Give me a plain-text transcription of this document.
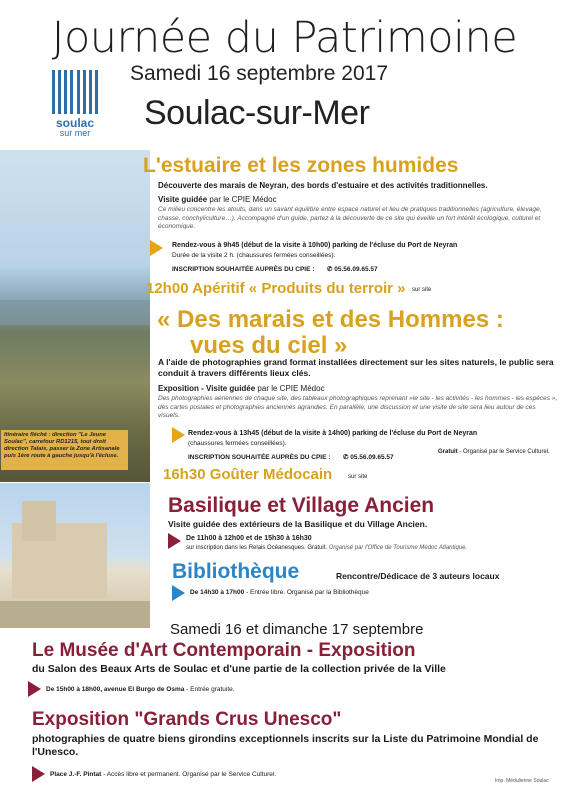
Journée du Patrimoine
Samedi 16 septembre 2017
Soulac-sur-Mer
soulac
sur mer
Itinéraire fléché : direction "Le Jeune Soulac", carrefour RD1215, tout droit direction Talais, passer la Zone Artisanale puis 1ère route à gauche jusqu'à l'écluse.
L'estuaire et les zones humides
Découverte des marais de Neyran, des bords d'estuaire et des activités traditionnelles.
Visite guidée par le CPIE Médoc
Ce milieu concentre les atouts, dans un savant équilibre entre espace naturel et lieu de pratiques traditionnelles (agriculture, élevage, chasse, conchyliculture…). Accompagné d'un guide, partez à la découverte de ce site qui éveille un fort intérêt écologique, culturel et économique.
Rendez-vous à 9h45 (début de la visite à 10h00) parking de l'écluse du Port de Neyran
Durée de la visite 2 h. (chaussures fermées conseillées).
INSCRIPTION SOUHAITÉE AUPRÈS DU CPIE : ✆ 05.56.09.65.57
12h00 Apéritif « Produits du terroir » sur site
« Des marais et des Hommes :
vues du ciel »
A l'aide de photographies grand format installées directement sur les sites naturels, le public sera conduit à travers différents lieux clés.
Exposition - Visite guidée par le CPIE Médoc
Des photographies aériennes de chaque site, des tableaux photographiques reprenant »le site - les activités - les hommes - les espèces », des cartes postales et photographies anciennes agrandies. En parallèle, une discussion et une visite de site sera lieu autour de ces visuels.
Rendez-vous à 13h45 (début de la visite à 14h00) parking de l'écluse du Port de Neyran
(chaussures fermées conseillées).
INSCRIPTION SOUHAITÉE AUPRÈS DU CPIE : ✆ 05.56.09.65.57
Gratuit - Organisé par le Service Culturel.
16h30 Goûter Médocain	sur site
Basilique et Village Ancien
Visite guidée des extérieurs de la Basilique et du Village Ancien.
De 11h00 à 12h00 et de 15h30 à 16h30
sur inscription dans les Relais Océanesques. Gratuit. Organisé par l'Office de Tourisme Médoc Atlantique.
Bibliothèque	Rencontre/Dédicace de 3 auteurs locaux
De 14h30 à 17h00 - Entrée libre. Organisé par la Bibliothèque
Samedi 16 et dimanche 17 septembre
Le Musée d'Art Contemporain - Exposition
du Salon des Beaux Arts de Soulac et d'une partie de la collection privée de la Ville
De 15h00 à 18h00, avenue El Burgo de Osma - Entrée gratuite.
Exposition "Grands Crus Unesco"
photographies de quatre biens girondins exceptionnels inscrits sur la Liste du Patrimoine Mondial de l'Unesco.
Place J.-F. Pintat - Accès libre et permanent. Organisé par le Service Culturel.
Imp. Médulienne Soulac
